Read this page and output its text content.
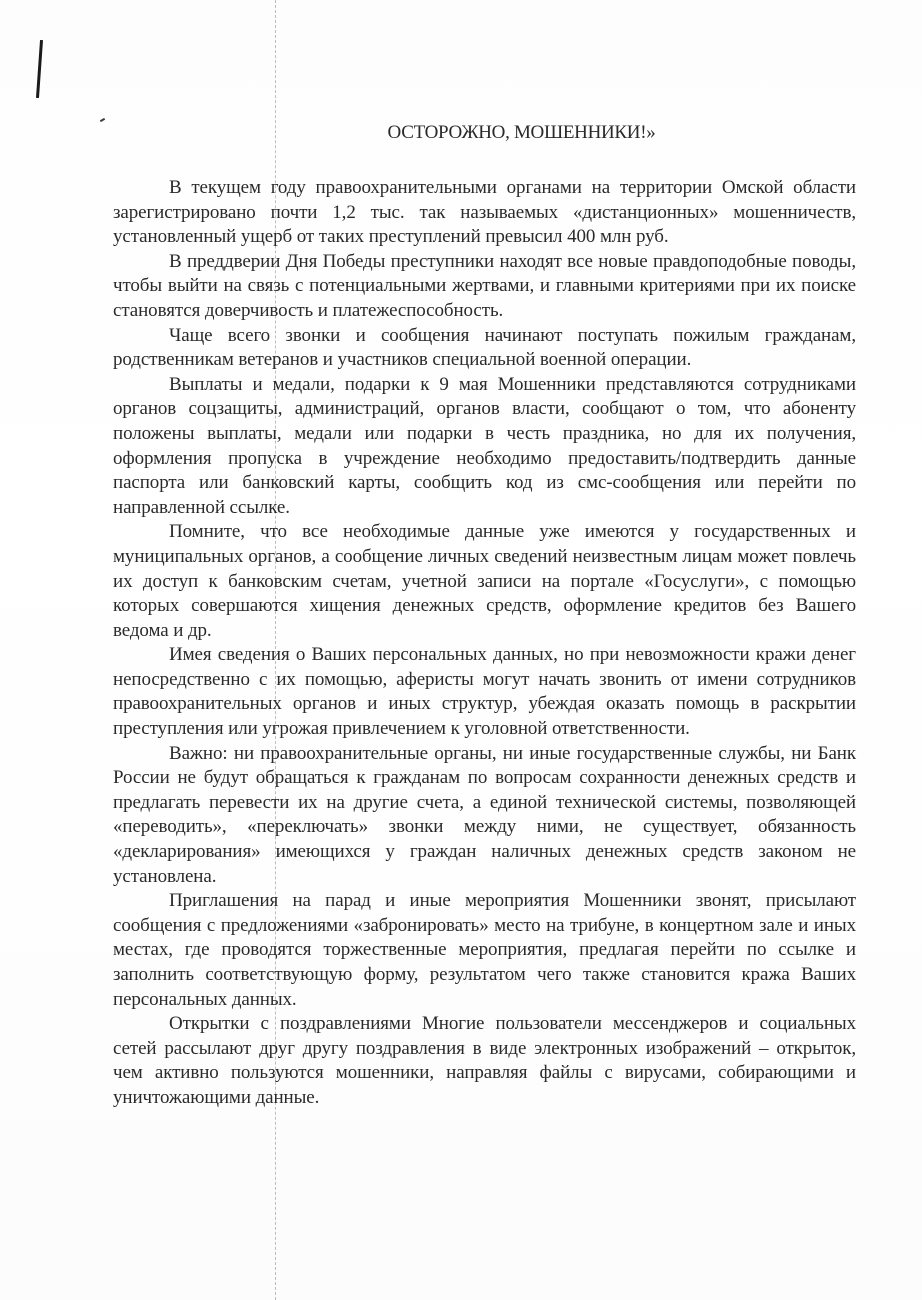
ОСТОРОЖНО, МОШЕННИКИ!»

В текущем году правоохранительными органами на территории Омской области зарегистрировано почти 1,2 тыс. так называемых «дистанционных» мошенничеств, установленный ущерб от таких преступлений превысил 400 млн руб.

В преддверии Дня Победы преступники находят все новые правдоподобные поводы, чтобы выйти на связь с потенциальными жертвами, и главными критериями при их поиске становятся доверчивость и платежеспособность.

Чаще всего звонки и сообщения начинают поступать пожилым гражданам, родственникам ветеранов и участников специальной военной операции.

Выплаты и медали, подарки к 9 мая Мошенники представляются сотрудниками органов соцзащиты, администраций, органов власти, сообщают о том, что абоненту положены выплаты, медали или подарки в честь праздника, но для их получения, оформления пропуска в учреждение необходимо предоставить/подтвердить данные паспорта или банковский карты, сообщить код из смс-сообщения или перейти по направленной ссылке.

Помните, что все необходимые данные уже имеются у государственных и муниципальных органов, а сообщение личных сведений неизвестным лицам может повлечь их доступ к банковским счетам, учетной записи на портале «Госуслуги», с помощью которых совершаются хищения денежных средств, оформление кредитов без Вашего ведома и др.

Имея сведения о Ваших персональных данных, но при невозможности кражи денег непосредственно с их помощью, аферисты могут начать звонить от имени сотрудников правоохранительных органов и иных структур, убеждая оказать помощь в раскрытии преступления или угрожая привлечением к уголовной ответственности.

Важно: ни правоохранительные органы, ни иные государственные службы, ни Банк России не будут обращаться к гражданам по вопросам сохранности денежных средств и предлагать перевести их на другие счета, а единой технической системы, позволяющей «переводить», «переключать» звонки между ними, не существует, обязанность «декларирования» имеющихся у граждан наличных денежных средств законом не установлена.

Приглашения на парад и иные мероприятия Мошенники звонят, присылают сообщения с предложениями «забронировать» место на трибуне, в концертном зале и иных местах, где проводятся торжественные мероприятия, предлагая перейти по ссылке и заполнить соответствующую форму, результатом чего также становится кража Ваших персональных данных.

Открытки с поздравлениями Многие пользователи мессенджеров и социальных сетей рассылают друг другу поздравления в виде электронных изображений – открыток, чем активно пользуются мошенники, направляя файлы с вирусами, собирающими и уничтожающими данные.
